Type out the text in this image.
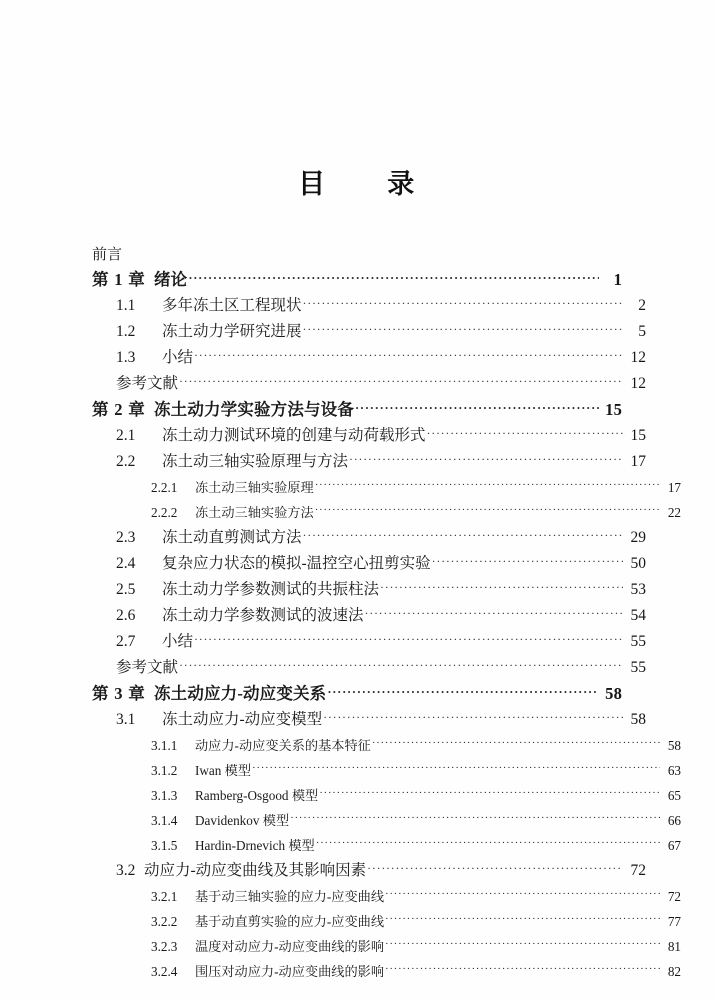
目　　录
前言
第 1 章 绪论 ·····	1
1.1	多年冻土区工程现状 ·····	2
1.2	冻土动力学研究进展 ·····	5
1.3	小结 ·····	12
参考文献 ·····	12
第 2 章 冻土动力学实验方法与设备 ·····	15
2.1	冻土动力测试环境的创建与动荷载形式 ·····	15
2.2	冻土动三轴实验原理与方法 ·····	17
2.2.1	冻土动三轴实验原理 ·····	17
2.2.2	冻土动三轴实验方法 ·····	22
2.3	冻土动直剪测试方法 ·····	29
2.4	复杂应力状态的模拟-温控空心扭剪实验 ·····	50
2.5	冻土动力学参数测试的共振柱法 ·····	53
2.6	冻土动力学参数测试的波速法 ·····	54
2.7	小结 ·····	55
参考文献 ·····	55
第 3 章 冻土动应力-动应变关系 ·····	58
3.1	冻土动应力-动应变模型 ·····	58
3.1.1	动应力-动应变关系的基本特征 ·····	58
3.1.2	Iwan 模型 ·····	63
3.1.3	Ramberg-Osgood 模型 ·····	65
3.1.4	Davidenkov 模型 ·····	66
3.1.5	Hardin-Drnevich 模型 ·····	67
3.2 动应力-动应变曲线及其影响因素 ·····	72
3.2.1	基于动三轴实验的应力-应变曲线 ·····	72
3.2.2	基于动直剪实验的应力-应变曲线 ·····	77
3.2.3	温度对动应力-动应变曲线的影响 ·····	81
3.2.4	围压对动应力-动应变曲线的影响 ·····	82
